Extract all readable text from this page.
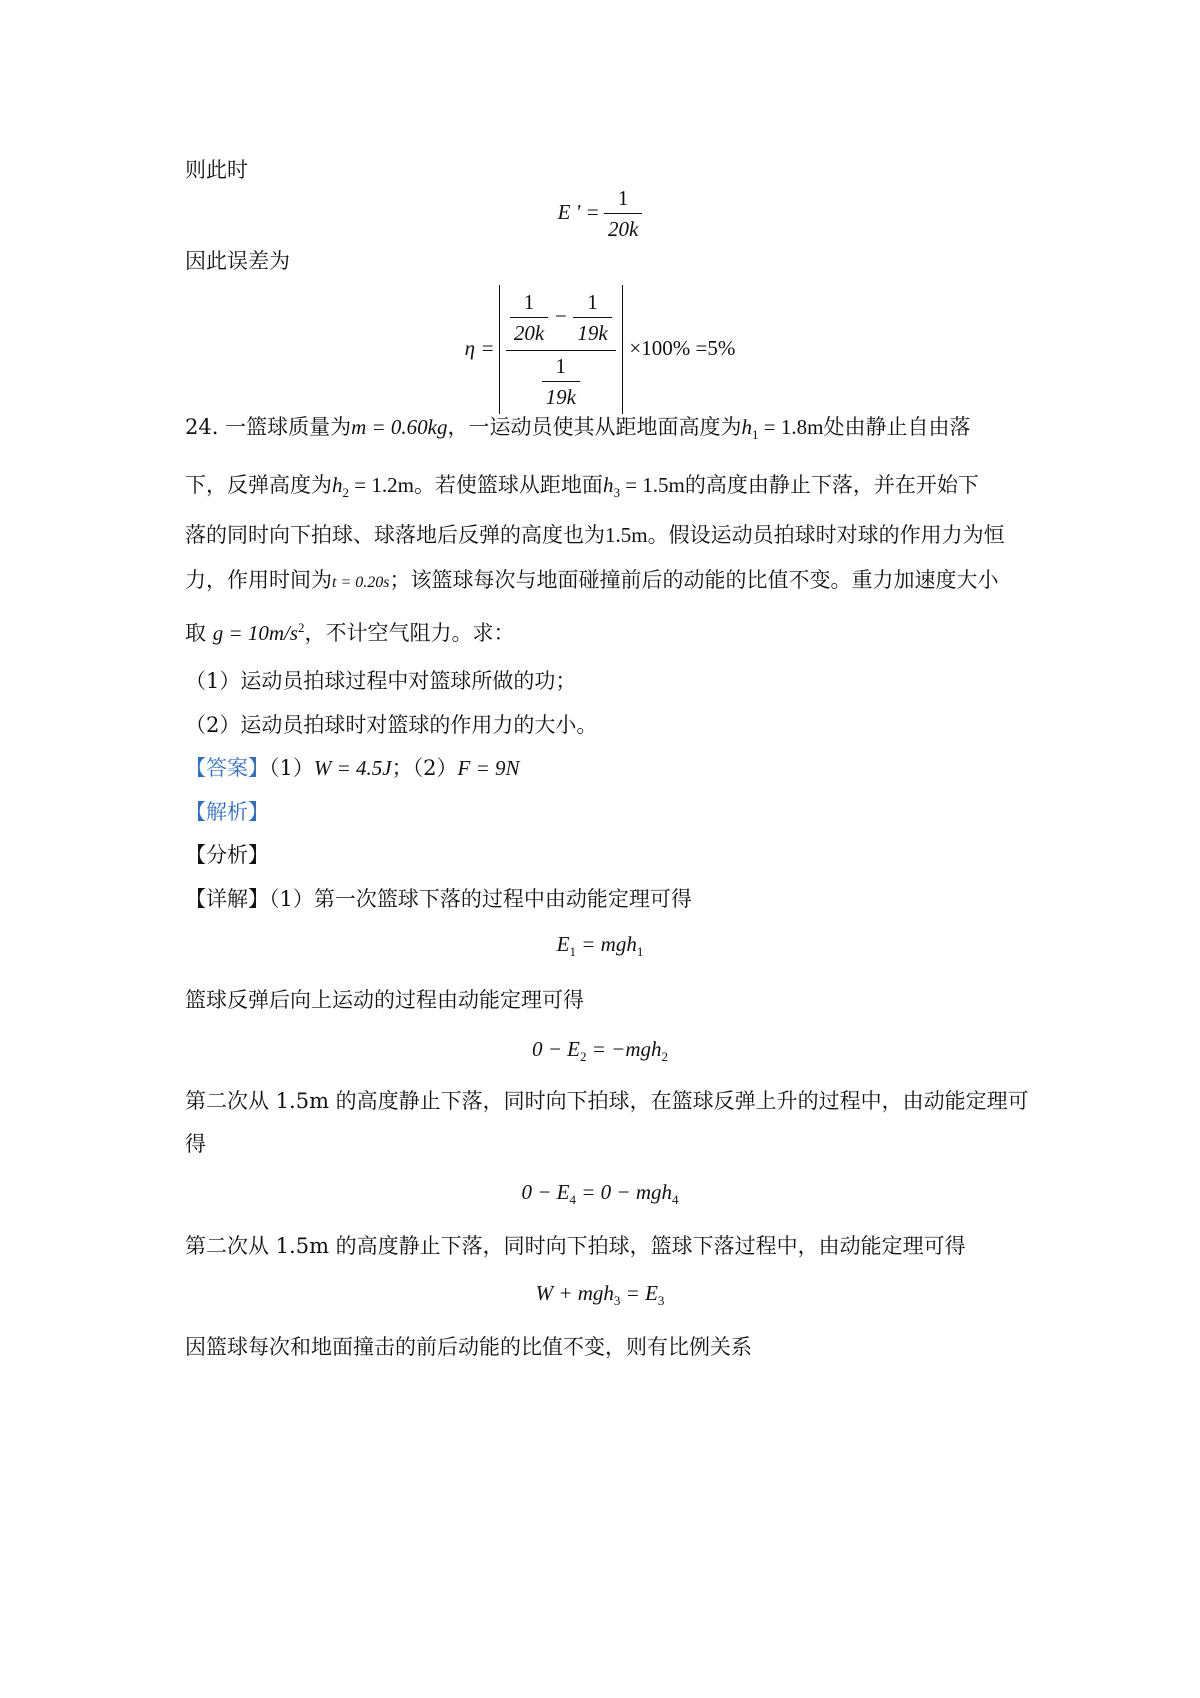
则此时
E ' = $\frac{1}{20k}$
因此误差为
$\eta = \frac{1}{20k} - \frac{1}{19k}$
$\frac{1}{19k}$
×100% =5%
24. 一篮球质量为m = 0.60kg，一运动员使其从距地面高度为$h_1 = 1.8m$处由静止自由落
下，反弹高度为$h_2 = 1.2m$。若使篮球从距地面$h_3 = 1.5m$的高度由静止下落，并在开始下
落的同时向下拍球、球落地后反弹的高度也为1.5m。假设运动员拍球时对球的作用力为恒
力，作用时间为t = 0.20s；该篮球每次与地面碰撞前后的动能的比值不变。重力加速度大小
取 $g = 10m/s^2$，不计空气阻力。求：
（1）运动员拍球过程中对篮球所做的功；
（2）运动员拍球时对篮球的作用力的大小。
【答案】（1）W = 4.5J；（2）F = 9N
【解析】
【分析】
【详解】（1）第一次篮球下落的过程中由动能定理可得
$E_1 = mgh_1$
篮球反弹后向上运动的过程由动能定理可得
$0 - E_2 = -mgh_2$
第二次从 1.5m 的高度静止下落，同时向下拍球，在篮球反弹上升的过程中，由动能定理可
得
$0 - E_4 = 0 - mgh_4$
第二次从 1.5m 的高度静止下落，同时向下拍球，篮球下落过程中，由动能定理可得
$W + mgh_3 = E_3$
因篮球每次和地面撞击的前后动能的比值不变，则有比例关系
